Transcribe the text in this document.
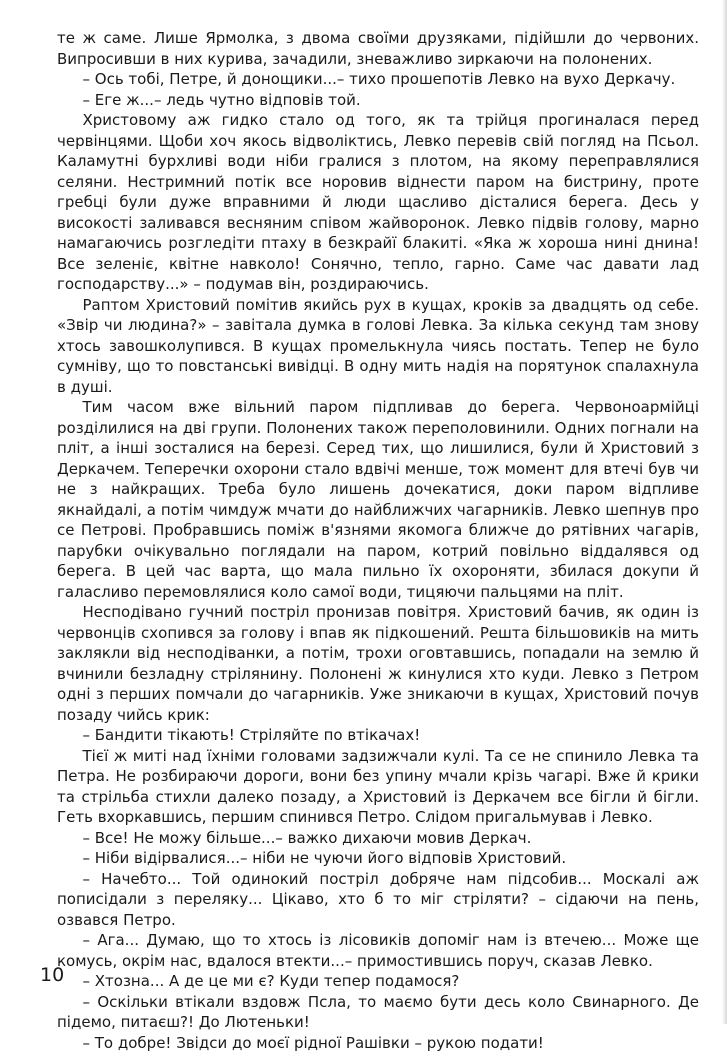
те ж саме. Лише Ярмолка, з двома своїми друзяками, підійшли до червоних. Випросивши в них курива, зачадили, зневажливо зиркаючи на полонених.

– Ось тобі, Петре, й донощики...– тихо прошепотів Левко на вухо Деркачу.

– Еге ж...– ледь чутно відповів той.

Христовому аж гидко стало од того, як та трійця прогиналася перед червінцями. Щоби хоч якось відволіктись, Левко перевів свій погляд на Псьол. Каламутні бурхливі води ніби гралися з плотом, на якому переправлялися селяни. Нестримний потік все норовив віднести паром на бистрину, проте гребці були дуже вправними й люди щасливо дісталися берега. Десь у високості заливався весняним співом жайворонок. Левко підвів голову, марно намагаючись розгледіти птаху в безкрайї блакиті. «Яка ж хороша нині днина! Все зеленіє, квітне навколо! Сонячно, тепло, гарно. Саме час давати лад господарству...» – подумав він, роздираючись.

Раптом Христовий помітив якийсь рух в кущах, кроків за двадцять од себе. «Звір чи людина?» – завітала думка в голові Левка. За кілька секунд там знову хтось завошколупився. В кущах промелькнула чиясь постать. Тепер не було сумніву, що то повстанські вивідці. В одну мить надія на порятунок спалахнула в душі.

Тим часом вже вільний паром підпливав до берега. Червоноармійці розділилися на дві групи. Полонених також переполовинили. Одних погнали на пліт, а інші зосталися на березі. Серед тих, що лишилися, були й Христовий з Деркачем. Теперечки охорони стало вдвічі менше, тож момент для втечі був чи не з найкращих. Треба було лишень дочекатися, доки паром відпливе якнайдалі, а потім чимдуж мчати до найближчих чагарників. Левко шепнув про се Петрові. Пробравшись поміж в'язнями якомога ближче до рятівних чагарів, парубки очікувально поглядали на паром, котрий повільно віддалявся од берега. В цей час варта, що мала пильно їх охороняти, збилася докупи й галасливо перемовлялися коло самої води, тицяючи пальцями на пліт.

Несподівано гучний постріл пронизав повітря. Христовий бачив, як один із червонців схопився за голову і впав як підкошений. Решта більшовиків на мить заклякли від несподіванки, а потім, трохи оговтавшись, попадали на землю й вчинили безладну стрілянину. Полонені ж кинулися хто куди. Левко з Петром одні з перших помчали до чагарників. Уже зникаючи в кущах, Христовий почув позаду чийсь крик:

– Бандити тікають! Стріляйте по втікачах!

Тієї ж миті над їхніми головами задзижчали кулі. Та се не спинило Левка та Петра. Не розбираючи дороги, вони без упину мчали крізь чагарі. Вже й крики та стрільба стихли далеко позаду, а Христовий із Деркачем все бігли й бігли. Геть вхоркавшись, першим спинився Петро. Слідом пригальмував і Левко.

– Все! Не можу більше...– важко дихаючи мовив Деркач.

– Ніби відірвалися...– ніби не чуючи його відповів Христовий.

– Начебто... Той одинокий постріл добряче нам підсобив... Москалі аж пописідали з переляку... Цікаво, хто б то міг стріляти? – сідаючи на пень, озвався Петро.

– Ага... Думаю, що то хтось із лісовиків допоміг нам із втечею... Може ще комусь, окрім нас, вдалося втекти...– примостившись поруч, сказав Левко.

– Хтозна... А де це ми є? Куди тепер подамося?

– Оскільки втікали вздовж Псла, то маємо бути десь коло Свинарного. Де підемо, питаєш?! До Лютеньки!

– То добре! Звідси до моєї рідної Рашівки – рукою подати!

10
